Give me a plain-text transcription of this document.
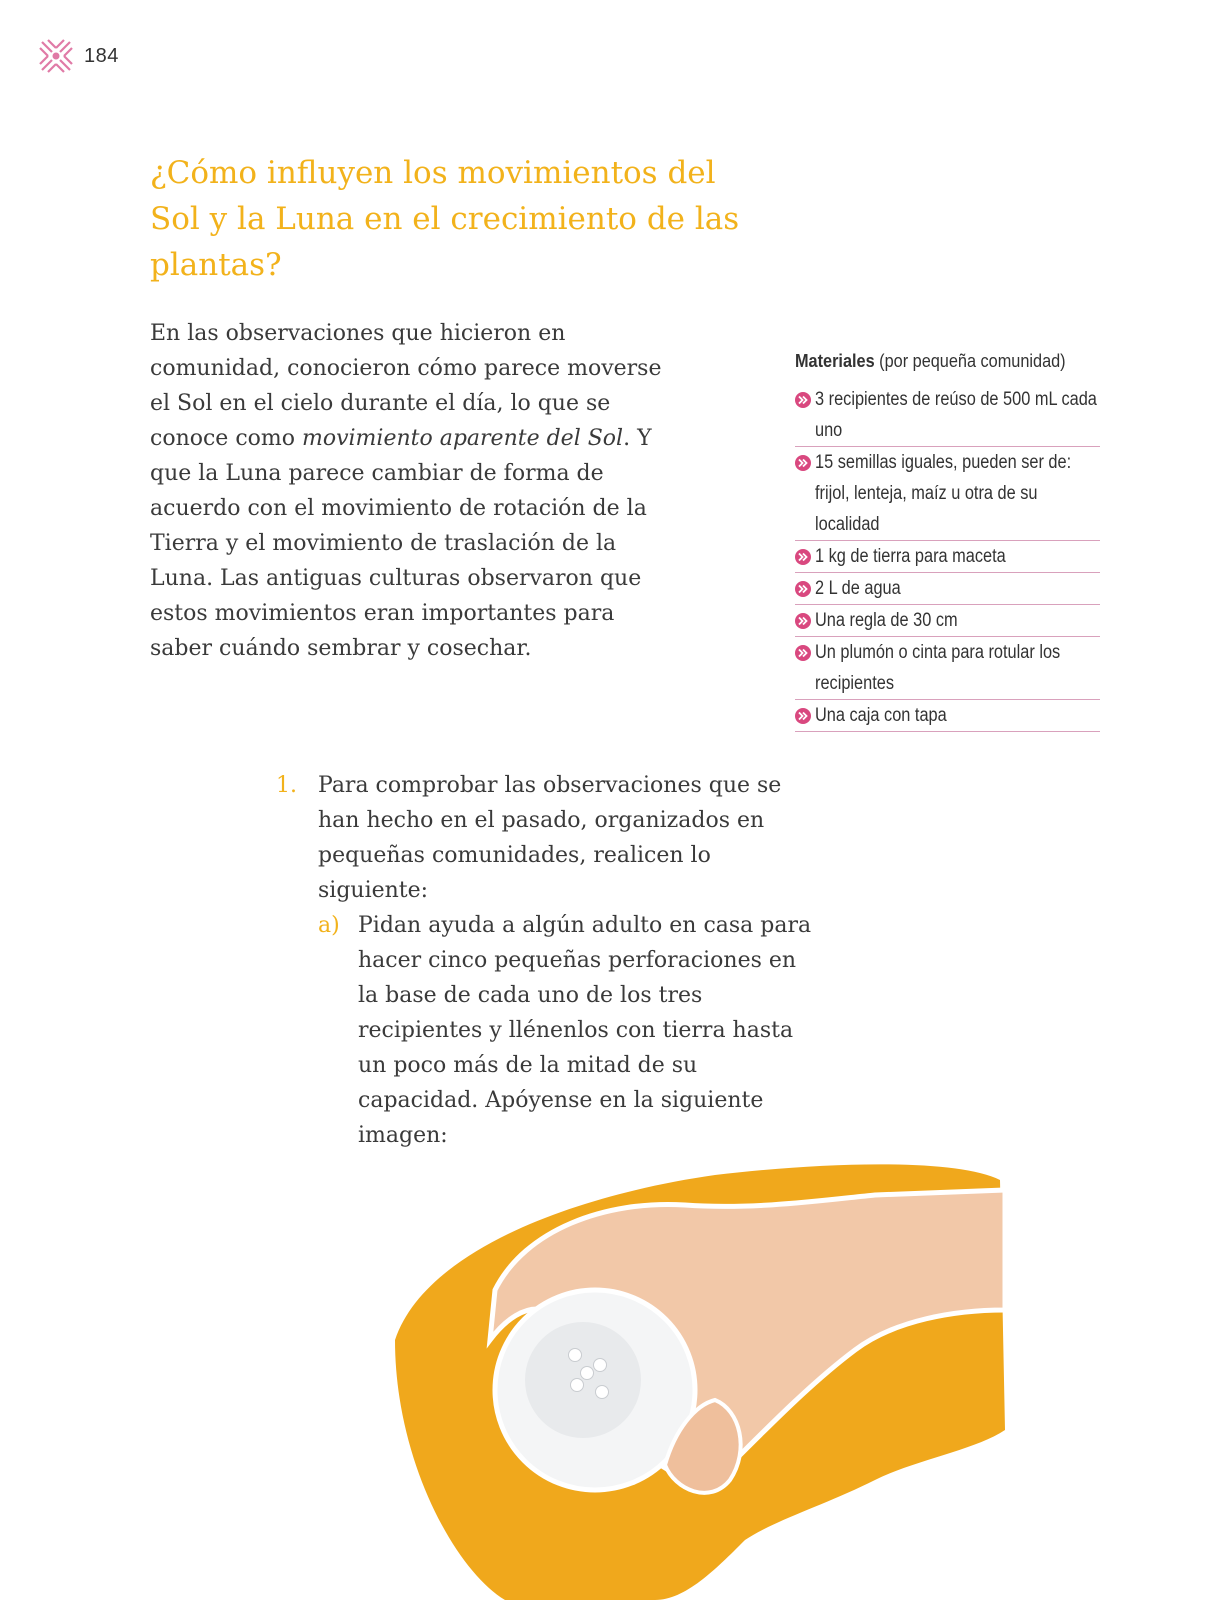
184
¿Cómo influyen los movimientos del Sol y la Luna en el crecimiento de las plantas?

En las observaciones que hicieron en comunidad, conocieron cómo parece moverse el Sol en el cielo durante el día, lo que se conoce como movimiento aparente del Sol. Y que la Luna parece cambiar de forma de acuerdo con el movimiento de rotación de la Tierra y el movimiento de traslación de la Luna. Las antiguas culturas observaron que estos movimientos eran importantes para saber cuándo sembrar y cosechar.

Materiales (por pequeña comunidad)
3 recipientes de reúso de 500 mL cada uno
15 semillas iguales, pueden ser de: frijol, lenteja, maíz u otra de su localidad
1 kg de tierra para maceta
2 L de agua
Una regla de 30 cm
Un plumón o cinta para rotular los recipientes
Una caja con tapa
1. Para comprobar las observaciones que se han hecho en el pasado, organizados en pequeñas comunidades, realicen lo siguiente:

a) Pidan ayuda a algún adulto en casa para hacer cinco pequeñas perforaciones en la base de cada uno de los tres recipientes y llénenlos con tierra hasta un poco más de la mitad de su capacidad. Apóyense en la siguiente imagen:
